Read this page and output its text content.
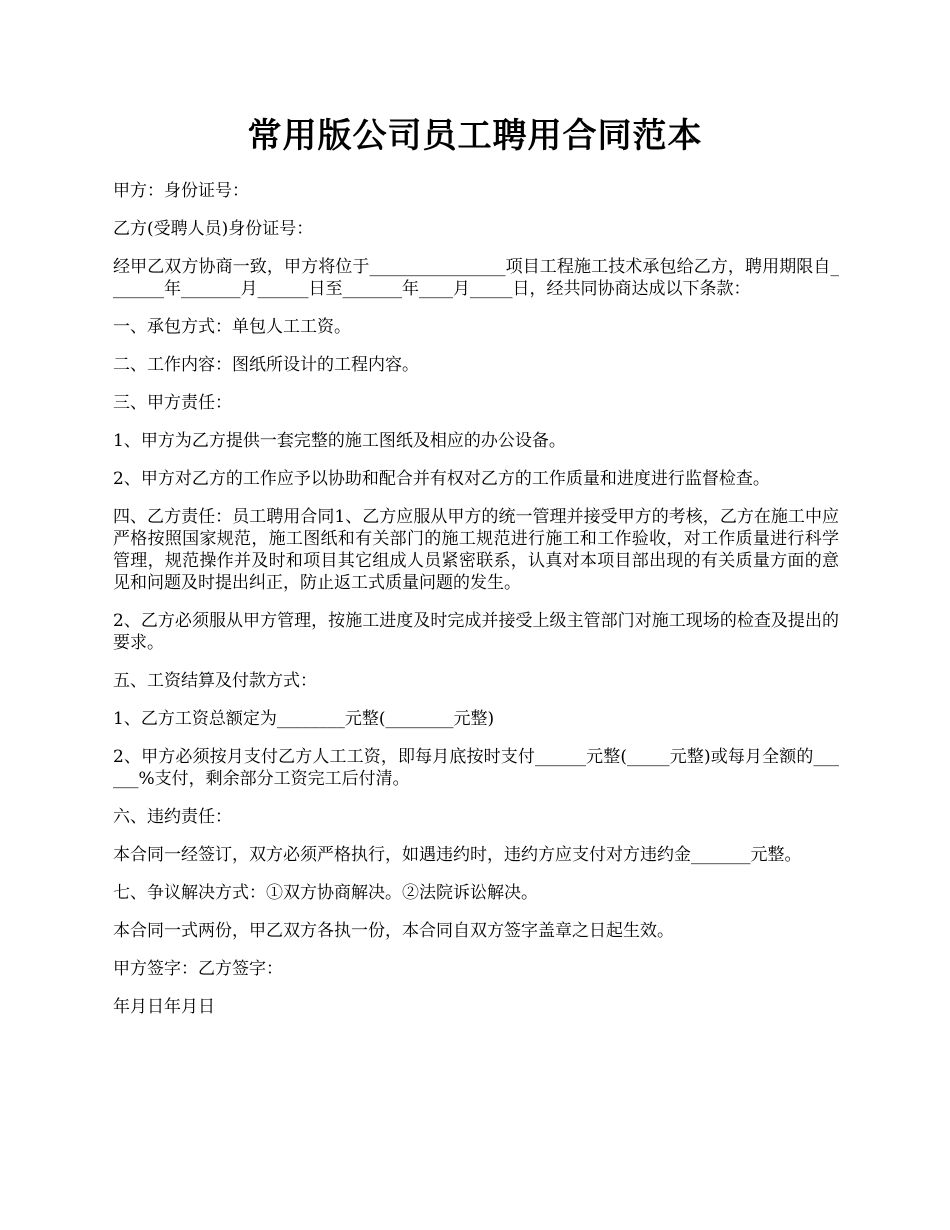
常用版公司员工聘用合同范本

甲方：身份证号：

乙方(受聘人员)身份证号：

经甲乙双方协商一致，甲方将位于________________项目工程施工技术承包给乙方，聘用期限自_______年_______月______日至_______年____月_____日，经共同协商达成以下条款：

一、承包方式：单包人工工资。

二、工作内容：图纸所设计的工程内容。

三、甲方责任：

1、甲方为乙方提供一套完整的施工图纸及相应的办公设备。

2、甲方对乙方的工作应予以协助和配合并有权对乙方的工作质量和进度进行监督检查。

四、乙方责任：员工聘用合同1、乙方应服从甲方的统一管理并接受甲方的考核，乙方在施工中应严格按照国家规范，施工图纸和有关部门的施工规范进行施工和工作验收，对工作质量进行科学管理，规范操作并及时和项目其它组成人员紧密联系，认真对本项目部出现的有关质量方面的意见和问题及时提出纠正，防止返工式质量问题的发生。

2、乙方必须服从甲方管理，按施工进度及时完成并接受上级主管部门对施工现场的检查及提出的要求。

五、工资结算及付款方式：

1、乙方工资总额定为________元整(________元整)

2、甲方必须按月支付乙方人工工资，即每月底按时支付______元整(_____元整)或每月全额的______%支付，剩余部分工资完工后付清。

六、违约责任：

本合同一经签订，双方必须严格执行，如遇违约时，违约方应支付对方违约金_______元整。

七、争议解决方式：①双方协商解决。②法院诉讼解决。

本合同一式两份，甲乙双方各执一份，本合同自双方签字盖章之日起生效。

甲方签字：乙方签字：

年月日年月日
